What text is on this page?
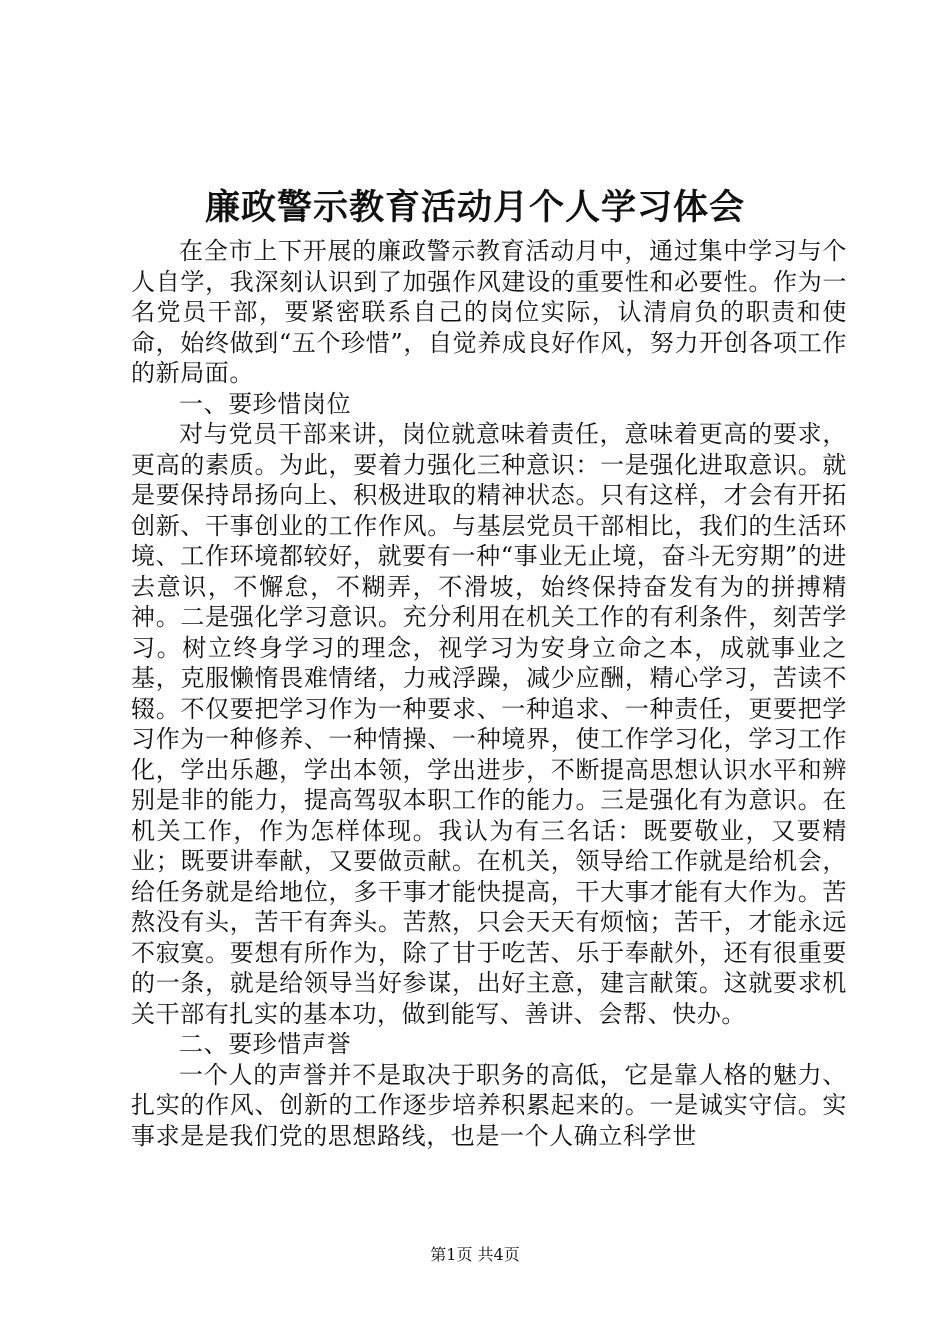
廉政警示教育活动月个人学习体会

在全市上下开展的廉政警示教育活动月中，通过集中学习与个人自学，我深刻认识到了加强作风建设的重要性和必要性。作为一名党员干部，要紧密联系自己的岗位实际，认清肩负的职责和使命，始终做到“五个珍惜”，自觉养成良好作风，努力开创各项工作的新局面。

一、要珍惜岗位

对与党员干部来讲，岗位就意味着责任，意味着更高的要求，更高的素质。为此，要着力强化三种意识：一是强化进取意识。就是要保持昂扬向上、积极进取的精神状态。只有这样，才会有开拓创新、干事创业的工作作风。与基层党员干部相比，我们的生活环境、工作环境都较好，就要有一种“事业无止境，奋斗无穷期”的进去意识，不懈怠，不糊弄，不滑坡，始终保持奋发有为的拼搏精神。二是强化学习意识。充分利用在机关工作的有利条件，刻苦学习。树立终身学习的理念，视学习为安身立命之本，成就事业之基，克服懒惰畏难情绪，力戒浮躁，减少应酬，精心学习，苦读不辍。不仅要把学习作为一种要求、一种追求、一种责任，更要把学习作为一种修养、一种情操、一种境界，使工作学习化，学习工作化，学出乐趣，学出本领，学出进步，不断提高思想认识水平和辨别是非的能力，提高驾驭本职工作的能力。三是强化有为意识。在机关工作，作为怎样体现。我认为有三名话：既要敬业，又要精业；既要讲奉献，又要做贡献。在机关，领导给工作就是给机会，给任务就是给地位，多干事才能快提高，干大事才能有大作为。苦熬没有头，苦干有奔头。苦熬，只会天天有烦恼；苦干，才能永远不寂寞。要想有所作为，除了甘于吃苦、乐于奉献外，还有很重要的一条，就是给领导当好参谋，出好主意，建言献策。这就要求机关干部有扎实的基本功，做到能写、善讲、会帮、快办。

二、要珍惜声誉

一个人的声誉并不是取决于职务的高低，它是靠人格的魅力、扎实的作风、创新的工作逐步培养积累起来的。一是诚实守信。实事求是是我们党的思想路线，也是一个人确立科学世

第1页 共4页
